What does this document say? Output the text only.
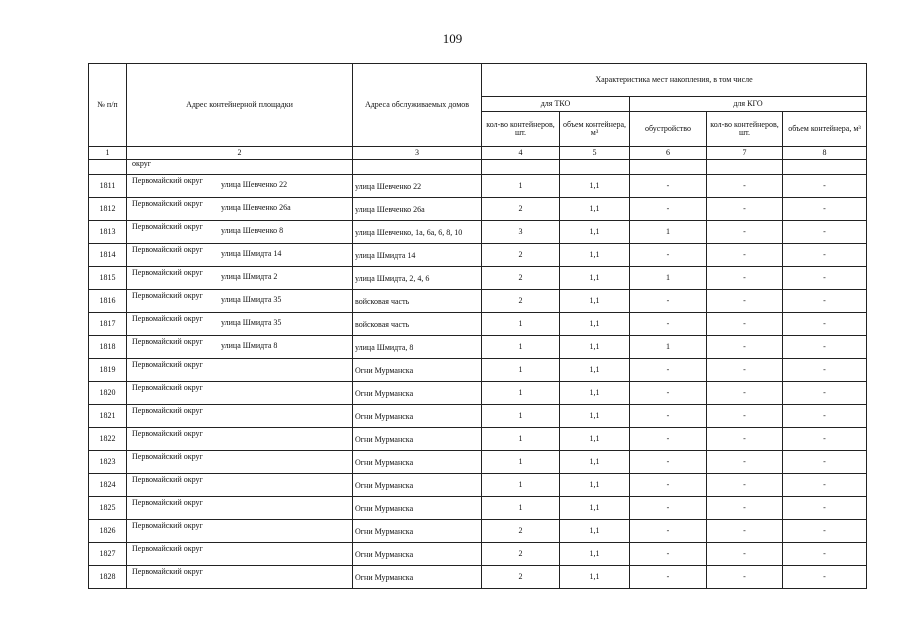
109
№ п/п	Адрес контейнерной площадки	Адреса обслуживаемых домов	Характеристика мест накопления, в том числе				
			для ТКО		для КГО		
			кол-во контейнеров, шт.	объем контейнера, м³	обустройство	кол-во контейнеров, шт.	объем контейнера, м³
1	2	3	4	5	6	7	8
	округ						
1811	Первомайский округ улица Шевченко 22	улица Шевченко 22	1	1,1	-	-	-
1812	Первомайский округ улица Шевченко 26а	улица Шевченко 26а	2	1,1	-	-	-
1813	Первомайский округ улица Шевченко 8	улица Шевченко, 1а, 6а, 6, 8, 10	3	1,1	1	-	-
1814	Первомайский округ улица Шмидта 14	улица Шмидта 14	2	1,1	-	-	-
1815	Первомайский округ улица Шмидта 2	улица Шмидта, 2, 4, 6	2	1,1	1	-	-
1816	Первомайский округ улица Шмидта 35	войсковая часть	2	1,1	-	-	-
1817	Первомайский округ улица Шмидта 35	войсковая часть	1	1,1	-	-	-
1818	Первомайский округ улица Шмидта 8	улица Шмидта, 8	1	1,1	1	-	-
1819	Первомайский округ	Огни Мурманска	1	1,1	-	-	-
1820	Первомайский округ	Огни Мурманска	1	1,1	-	-	-
1821	Первомайский округ	Огни Мурманска	1	1,1	-	-	-
1822	Первомайский округ	Огни Мурманска	1	1,1	-	-	-
1823	Первомайский округ	Огни Мурманска	1	1,1	-	-	-
1824	Первомайский округ	Огни Мурманска	1	1,1	-	-	-
1825	Первомайский округ	Огни Мурманска	1	1,1	-	-	-
1826	Первомайский округ	Огни Мурманска	2	1,1	-	-	-
1827	Первомайский округ	Огни Мурманска	2	1,1	-	-	-
1828	Первомайский округ	Огни Мурманска	2	1,1	-	-	-
